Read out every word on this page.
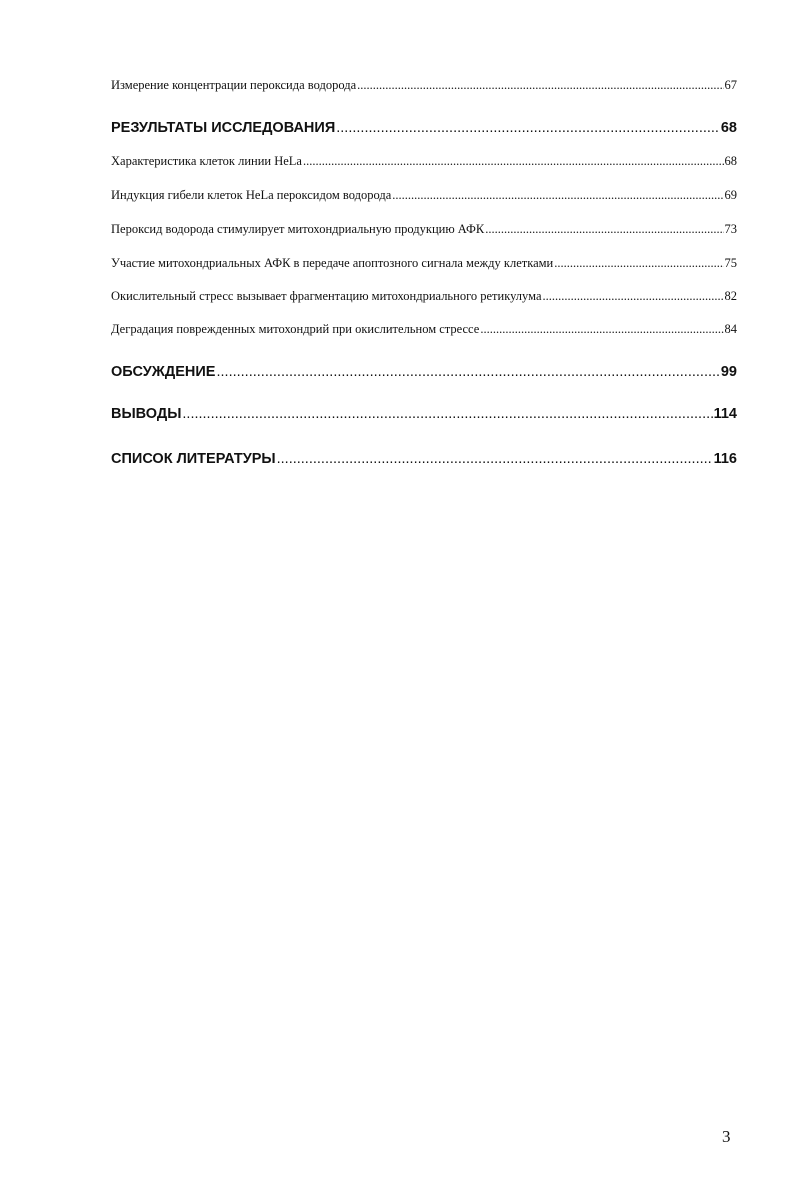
Измерение концентрации пероксида водорода .....	67
РЕЗУЛЬТАТЫ ИССЛЕДОВАНИЯ .....	68
Характеристика клеток линии HeLa .....	68
Индукция гибели клеток HeLa пероксидом водорода .....	69
Пероксид водорода стимулирует митохондриальную продукцию АФК .....	73
Участие митохондриальных АФК в передаче апоптозного сигнала между клетками .....	75
Окислительный стресс вызывает фрагментацию митохондриального ретикулума .....	82
Деградация поврежденных митохондрий при окислительном стрессе .....	84
ОБСУЖДЕНИЕ .....	99
ВЫВОДЫ .....	114
СПИСОК ЛИТЕРАТУРЫ .....	116
3
